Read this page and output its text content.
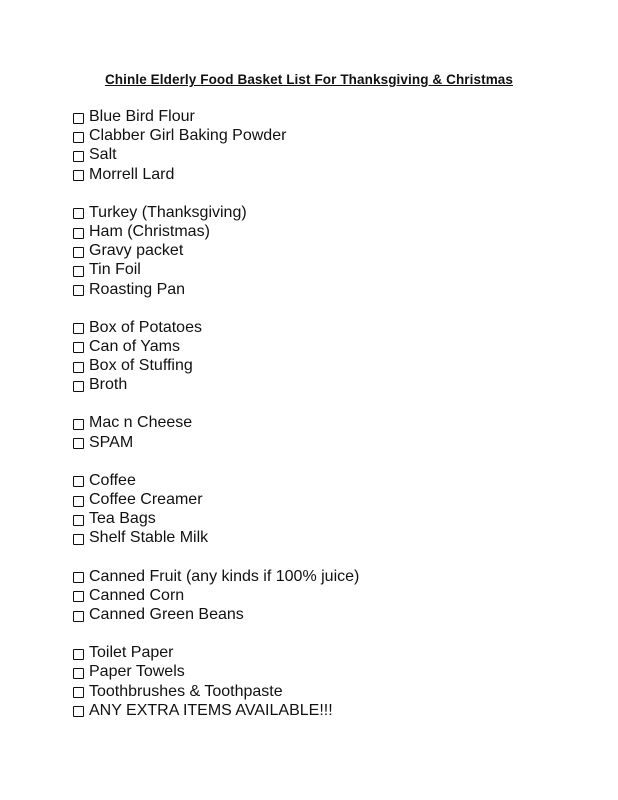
Chinle Elderly Food Basket List For Thanksgiving & Christmas
Blue Bird Flour
Clabber Girl Baking Powder
Salt
Morrell Lard
Turkey (Thanksgiving)
Ham (Christmas)
Gravy packet
Tin Foil
Roasting Pan
Box of Potatoes
Can of Yams
Box of Stuffing
Broth
Mac n Cheese
SPAM
Coffee
Coffee Creamer
Tea Bags
Shelf Stable Milk
Canned Fruit (any kinds if 100% juice)
Canned Corn
Canned Green Beans
Toilet Paper
Paper Towels
Toothbrushes & Toothpaste
ANY EXTRA ITEMS AVAILABLE!!!
